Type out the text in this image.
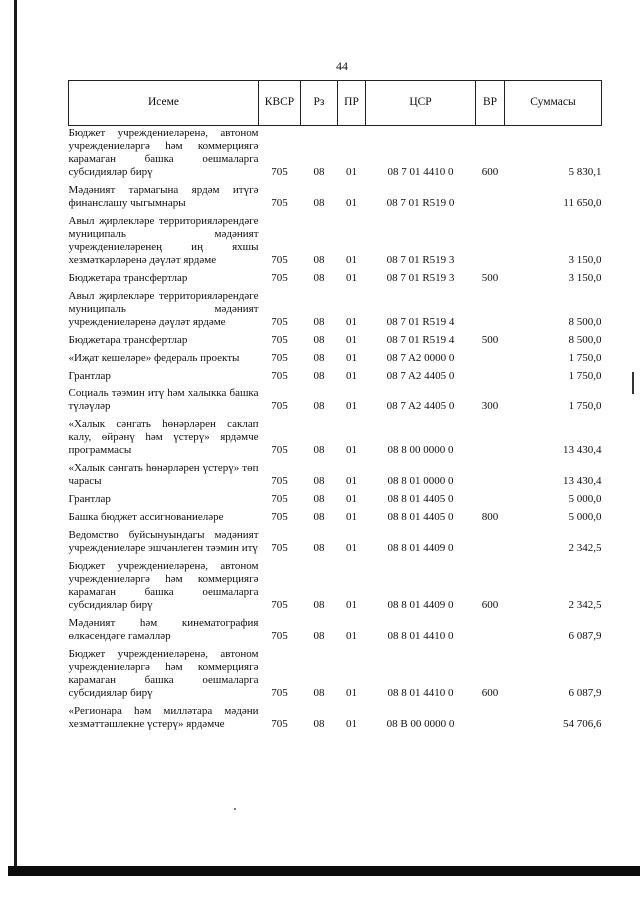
44
Исеме	КВСР	Рз	ПР	ЦСР	ВР	Суммасы
Бюджет учреждениеләренә, автоном учреждениеләргә һәм коммерциягә карамаган башка оешмаларга субсидияләр бирү	705	08	01	08 7 01 4410 0	600	5 830,1
Мәдәният тармагына ярдәм итүгә финанслашу чыгымнары	705	08	01	08 7 01 R519 0		11 650,0
Авыл җирлекләре территорияләрендәге муниципаль мәдәният учреждениеләренең иң яхшы хезмәткәрләренә дәүләт ярдәме	705	08	01	08 7 01 R519 3		3 150,0
Бюджетара трансфертлар	705	08	01	08 7 01 R519 3	500	3 150,0
Авыл җирлекләре территорияләрендәге муниципаль мәдәният учреждениеләренә дәүләт ярдәме	705	08	01	08 7 01 R519 4		8 500,0
Бюджетара трансфертлар	705	08	01	08 7 01 R519 4	500	8 500,0
«Иҗат кешеләре» федераль проекты	705	08	01	08 7 A2 0000 0		1 750,0
Грантлар	705	08	01	08 7 A2 4405 0		1 750,0
Социаль тәэмин итү һәм халыкка башка түләүләр	705	08	01	08 7 A2 4405 0	300	1 750,0
«Халык сәнгать һөнәрләрен саклап калу, өйрәнү һәм үстерү» ярдәмче программасы	705	08	01	08 8 00 0000 0		13 430,4
«Халык сәнгать һөнәрләрен үстерү» төп чарасы	705	08	01	08 8 01 0000 0		13 430,4
Грантлар	705	08	01	08 8 01 4405 0		5 000,0
Башка бюджет ассигнованиеләре	705	08	01	08 8 01 4405 0	800	5 000,0
Ведомство буйсынуындагы мәдәният учреждениеләре эшчәнлеген тәэмин итү	705	08	01	08 8 01 4409 0		2 342,5
Бюджет учреждениеләренә, автоном учреждениеләргә һәм коммерциягә карамаган башка оешмаларга субсидияләр бирү	705	08	01	08 8 01 4409 0	600	2 342,5
Мәдәният һәм кинематография өлкәсендәге гамәлләр	705	08	01	08 8 01 4410 0		6 087,9
Бюджет учреждениеләренә, автоном учреждениеләргә һәм коммерциягә карамаган башка оешмаларга субсидияләр бирү	705	08	01	08 8 01 4410 0	600	6 087,9
«Регионара һәм милләтара мәдәни хезмәттәшлекне үстерү» ярдәмче	705	08	01	08 В 00 0000 0		54 706,6
